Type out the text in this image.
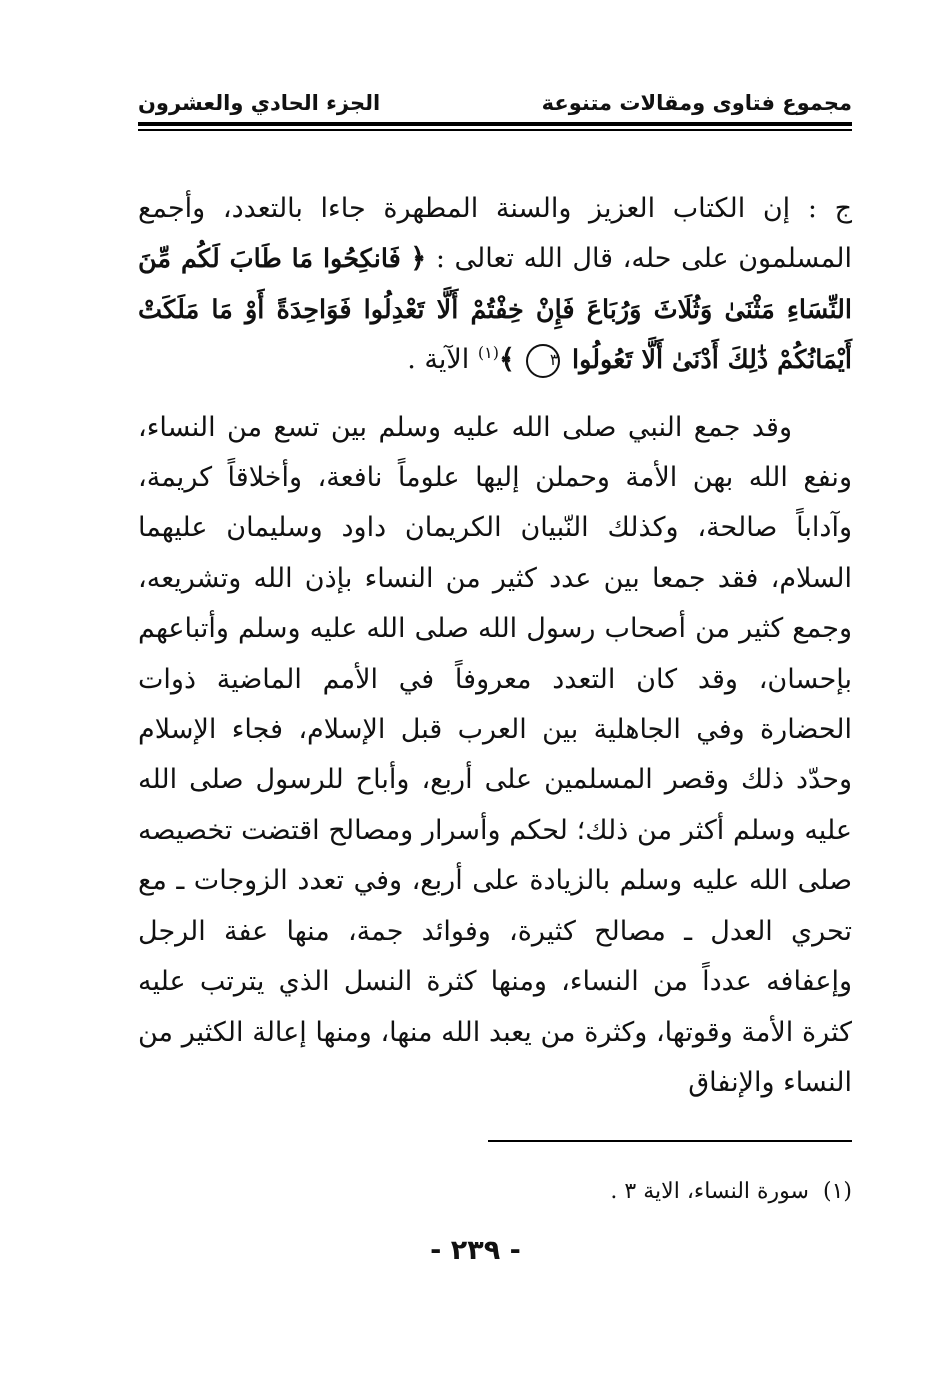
مجموع فتاوى ومقالات متنوعة
الجزء الحادي والعشرون

ج : إن الكتاب العزيز والسنة المطهرة جاءا بالتعدد، وأجمع المسلمون على حله، قال الله تعالى : ﴿ فَانكِحُوا مَا طَابَ لَكُم مِّنَ النِّسَاءِ مَثْنَىٰ وَثُلَاثَ وَرُبَاعَ فَإِنْ خِفْتُمْ أَلَّا تَعْدِلُوا فَوَاحِدَةً أَوْ مَا مَلَكَتْ أَيْمَانُكُمْ ذَٰلِكَ أَدْنَىٰ أَلَّا تَعُولُوا ٣ ﴾$^{(١)}$ الآية .

وقد جمع النبي صلى الله عليه وسلم بين تسع من النساء، ونفع الله بهن الأمة وحملن إليها علوماً نافعة، وأخلاقاً كريمة، وآداباً صالحة، وكذلك النّبيان الكريمان داود وسليمان عليهما السلام، فقد جمعا بين عدد كثير من النساء بإذن الله وتشريعه، وجمع كثير من أصحاب رسول الله صلى الله عليه وسلم وأتباعهم بإحسان، وقد كان التعدد معروفاً في الأمم الماضية ذوات الحضارة وفي الجاهلية بين العرب قبل الإسلام، فجاء الإسلام وحدّد ذلك وقصر المسلمين على أربع، وأباح للرسول صلى الله عليه وسلم أكثر من ذلك؛ لحكم وأسرار ومصالح اقتضت تخصيصه صلى الله عليه وسلم بالزيادة على أربع، وفي تعدد الزوجات ـ مع تحري العدل ـ مصالح كثيرة، وفوائد جمة، منها عفة الرجل وإعفافه عدداً من النساء، ومنها كثرة النسل الذي يترتب عليه كثرة الأمة وقوتها، وكثرة من يعبد الله منها، ومنها إعالة الكثير من النساء والإنفاق

(١)سورة النساء، الاية ٣ .
- ٢٣٩ -
